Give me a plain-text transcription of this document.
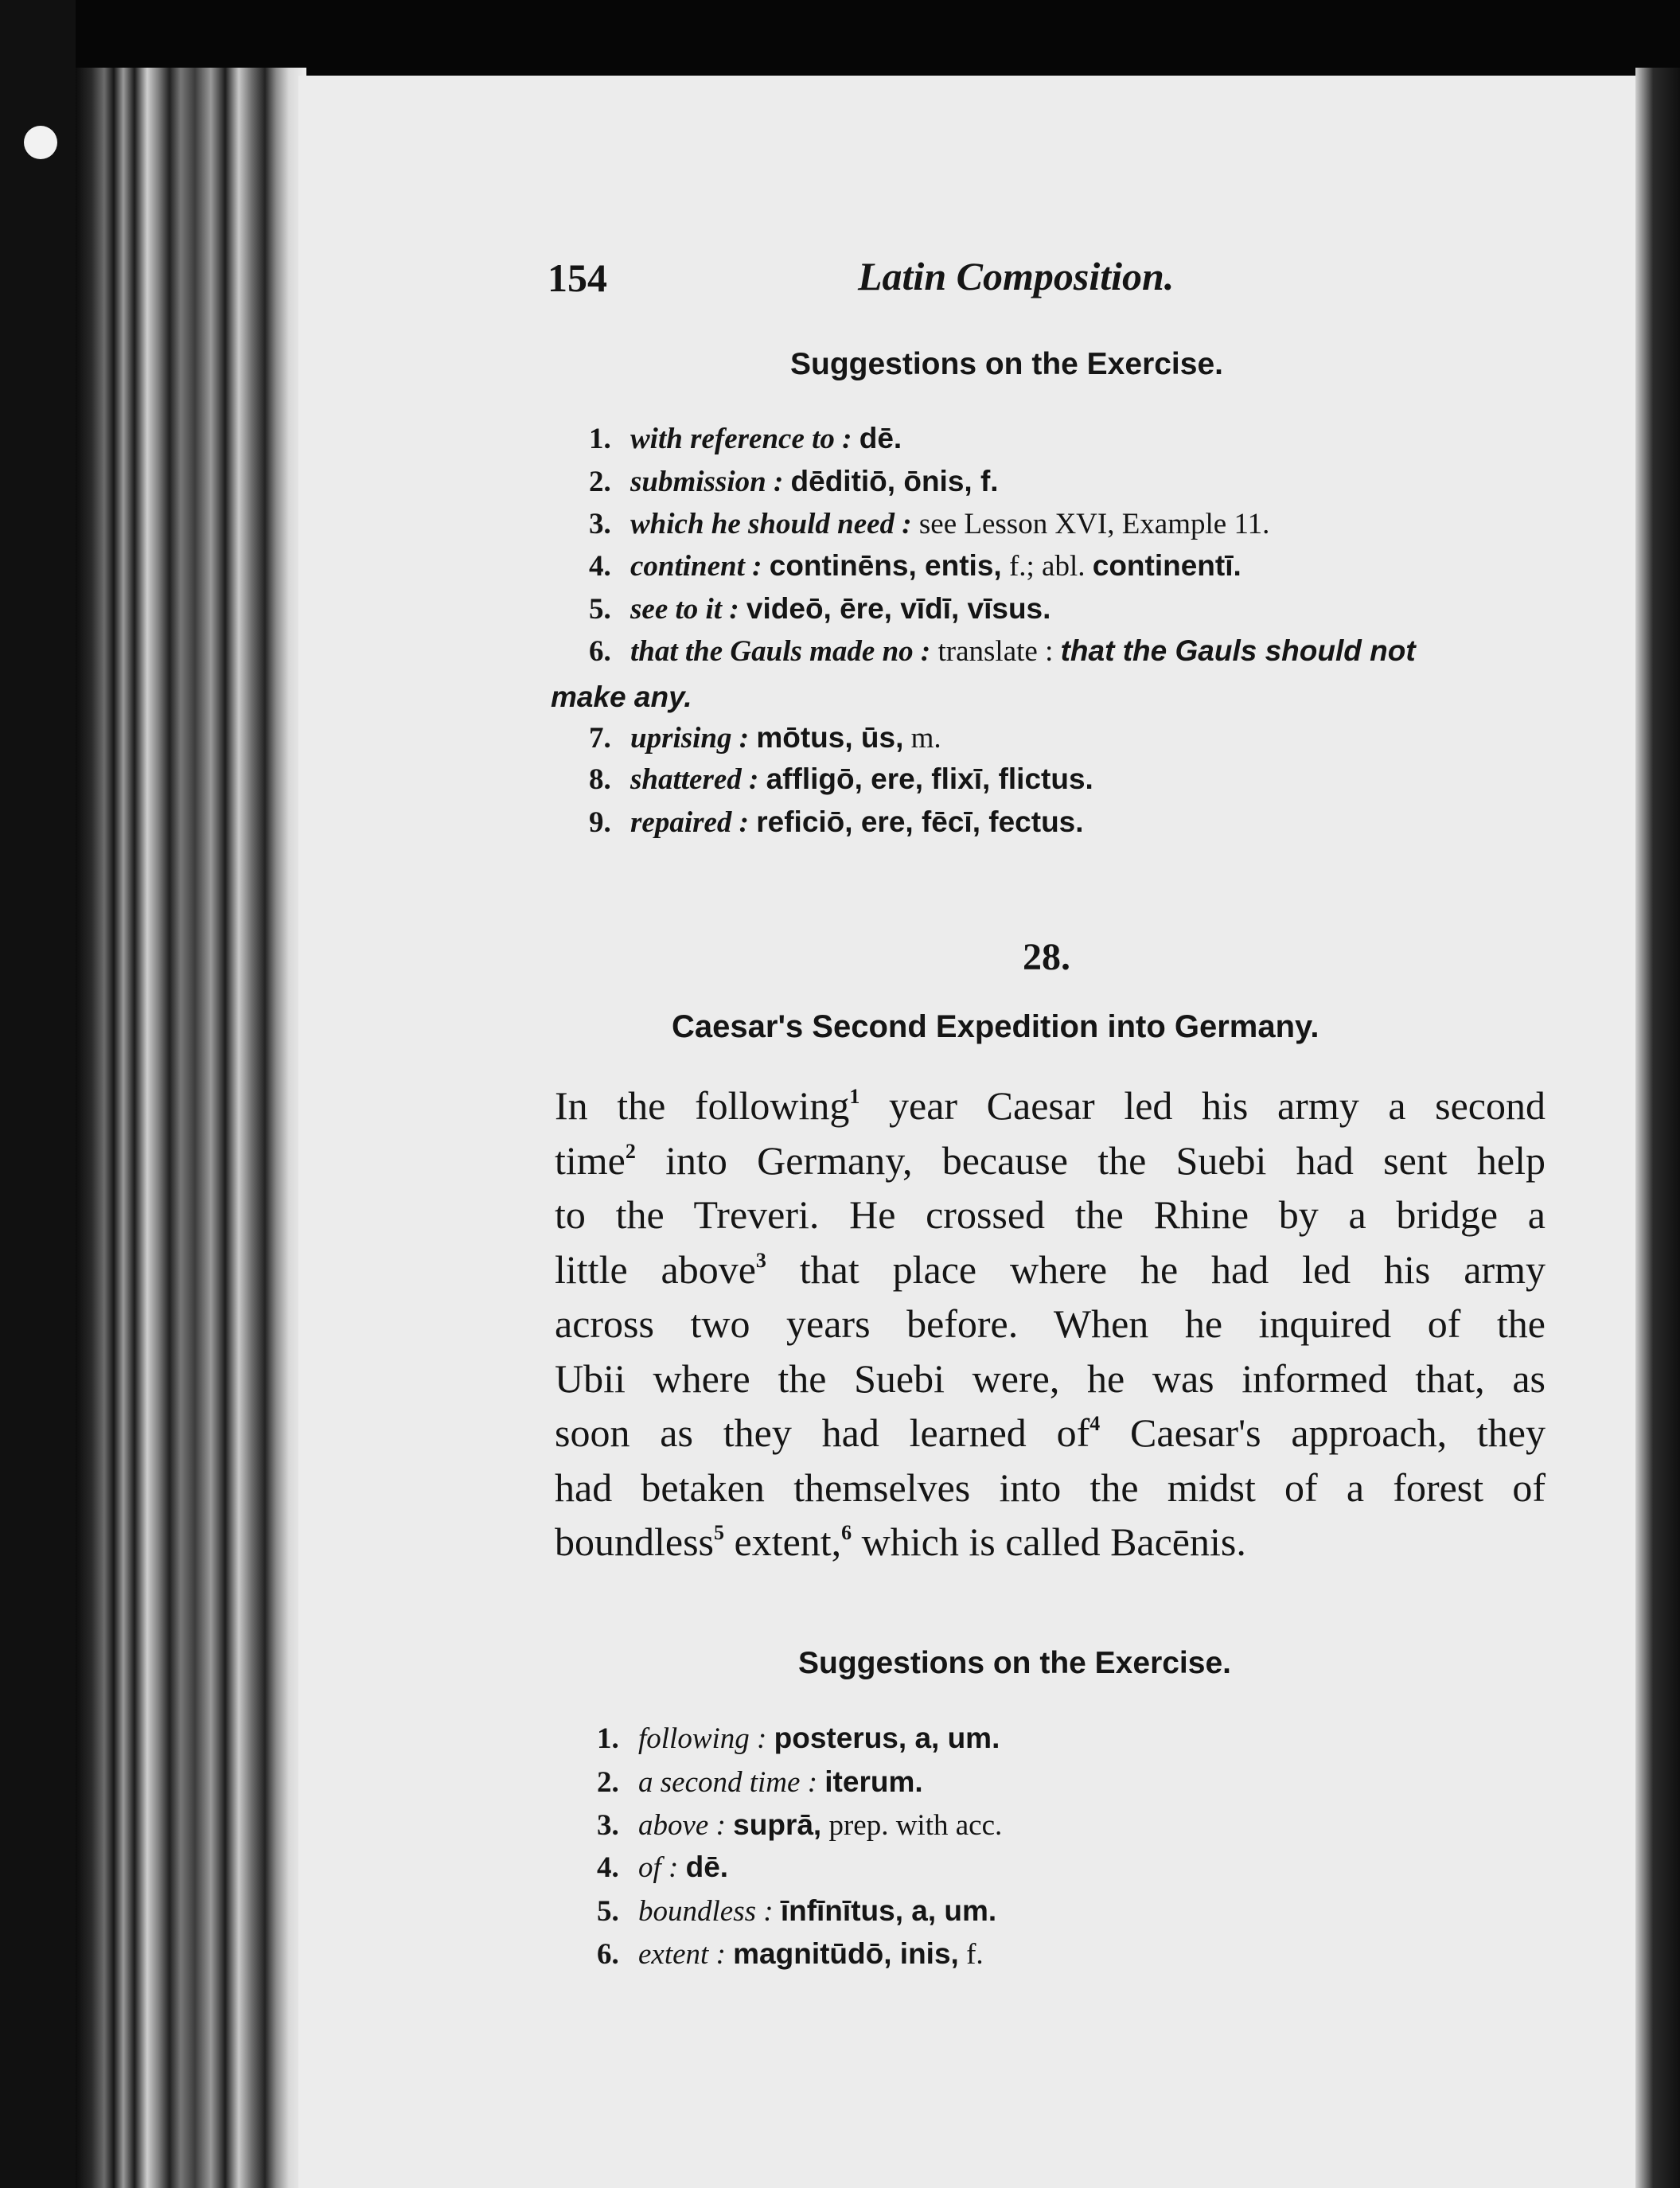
154	Latin Composition.
Suggestions on the Exercise.
1. with reference to : dē.
2. submission : dēditiō, ōnis, f.
3. which he should need : see Lesson XVI, Example 11.
4. continent : continēns, entis, f.; abl. continentī.
5. see to it : videō, ēre, vīdī, vīsus.
6. that the Gauls made no : translate : that the Gauls should not
make any.
7. uprising : mōtus, ūs, m.
8. shattered : affligō, ere, flixī, flictus.
9. repaired : reficiō, ere, fēcī, fectus.
28.
Caesar's Second Expedition into Germany.
In the following$^1$ year Caesar led his army a second
time$^2$ into Germany, because the Suebi had sent help
to the Treveri. He crossed the Rhine by a bridge a
little above$^3$ that place where he had led his army
across two years before. When he inquired of the
Ubii where the Suebi were, he was informed that, as
soon as they had learned $of^4$ Caesar's approach, they
had betaken themselves into the midst of a forest of
boundless$^5$ extent,$^6$ which is called Bacēnis.
Suggestions on the Exercise.
1. following : posterus, a, um.
2. a second time : iterum.
3. above : suprā, prep. with acc.
4. of : dē.
5. boundless : īnfīnītus, a, um.
6. extent : magnitūdō, inis, f.
